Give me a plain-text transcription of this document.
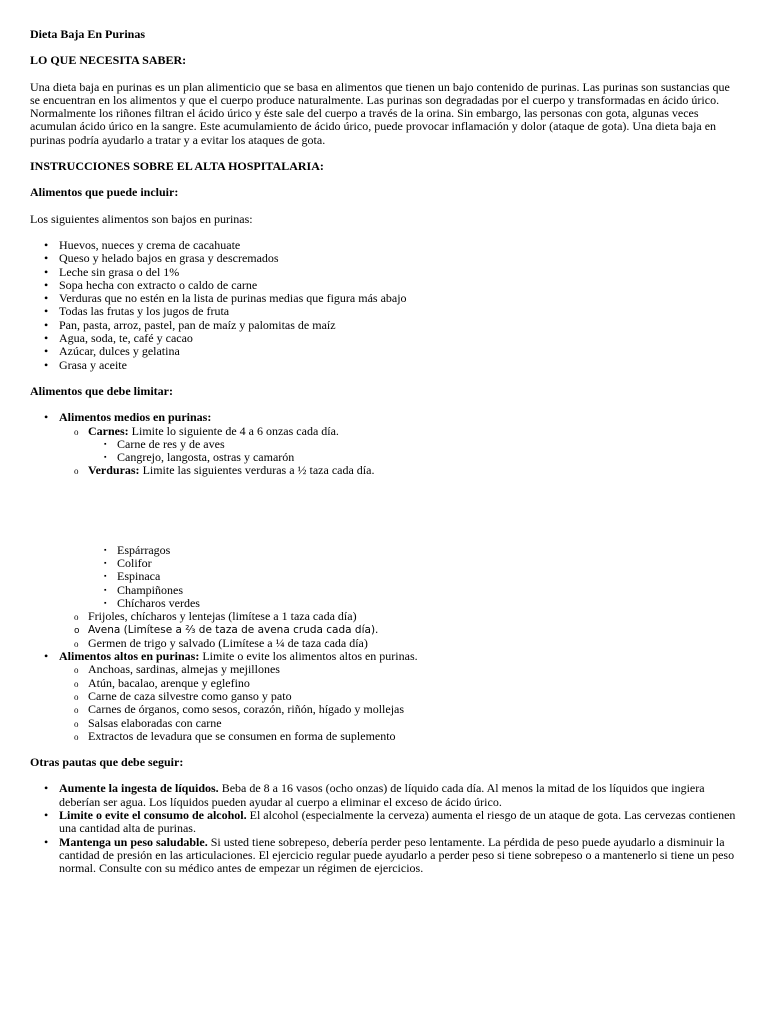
Dieta Baja En Purinas

LO QUE NECESITA SABER:

Una dieta baja en purinas es un plan alimenticio que se basa en alimentos que tienen un bajo contenido de purinas. Las purinas son sustancias que se encuentran en los alimentos y que el cuerpo produce naturalmente. Las purinas son degradadas por el cuerpo y transformadas en ácido úrico. Normalmente los riñones filtran el ácido úrico y éste sale del cuerpo a través de la orina. Sin embargo, las personas con gota, algunas veces acumulan ácido úrico en la sangre. Este acumulamiento de ácido úrico, puede provocar inflamación y dolor (ataque de gota). Una dieta baja en purinas podría ayudarlo a tratar y a evitar los ataques de gota.

INSTRUCCIONES SOBRE EL ALTA HOSPITALARIA:

Alimentos que puede incluir:

Los siguientes alimentos son bajos en purinas:

• Huevos, nueces y crema de cacahuate
• Queso y helado bajos en grasa y descremados
• Leche sin grasa o del 1%
• Sopa hecha con extracto o caldo de carne
• Verduras que no estén en la lista de purinas medias que figura más abajo
• Todas las frutas y los jugos de fruta
• Pan, pasta, arroz, pastel, pan de maíz y palomitas de maíz
• Agua, soda, te, café y cacao
• Azúcar, dulces y gelatina
• Grasa y aceite

Alimentos que debe limitar:

• Alimentos medios en purinas:
o Carnes: Limite lo siguiente de 4 a 6 onzas cada día.
▪ Carne de res y de aves
▪ Cangrejo, langosta, ostras y camarón
o Verduras: Limite las siguientes verduras a ½ taza cada día.
▪ Espárragos
▪ Colifor
▪ Espinaca
▪ Champiñones
▪ Chícharos verdes
o Frijoles, chícharos y lentejas (limítese a 1 taza cada día)
o Avena (Limítese a ⅔ de taza de avena cruda cada día).
o Germen de trigo y salvado (Limítese a ¼ de taza cada día)
• Alimentos altos en purinas: Limite o evite los alimentos altos en purinas.
o Anchoas, sardinas, almejas y mejillones
o Atún, bacalao, arenque y eglefino
o Carne de caza silvestre como ganso y pato
o Carnes de órganos, como sesos, corazón, riñón, hígado y mollejas
o Salsas elaboradas con carne
o Extractos de levadura que se consumen en forma de suplemento

Otras pautas que debe seguir:

• Aumente la ingesta de líquidos. Beba de 8 a 16 vasos (ocho onzas) de líquido cada día. Al menos la mitad de los líquidos que ingiera deberían ser agua. Los líquidos pueden ayudar al cuerpo a eliminar el exceso de ácido úrico.
• Limite o evite el consumo de alcohol. El alcohol (especialmente la cerveza) aumenta el riesgo de un ataque de gota. Las cervezas contienen una cantidad alta de purinas.
• Mantenga un peso saludable. Si usted tiene sobrepeso, debería perder peso lentamente. La pérdida de peso puede ayudarlo a disminuir la cantidad de presión en las articulaciones. El ejercicio regular puede ayudarlo a perder peso si tiene sobrepeso o a mantenerlo si tiene un peso normal. Consulte con su médico antes de empezar un régimen de ejercicios.
